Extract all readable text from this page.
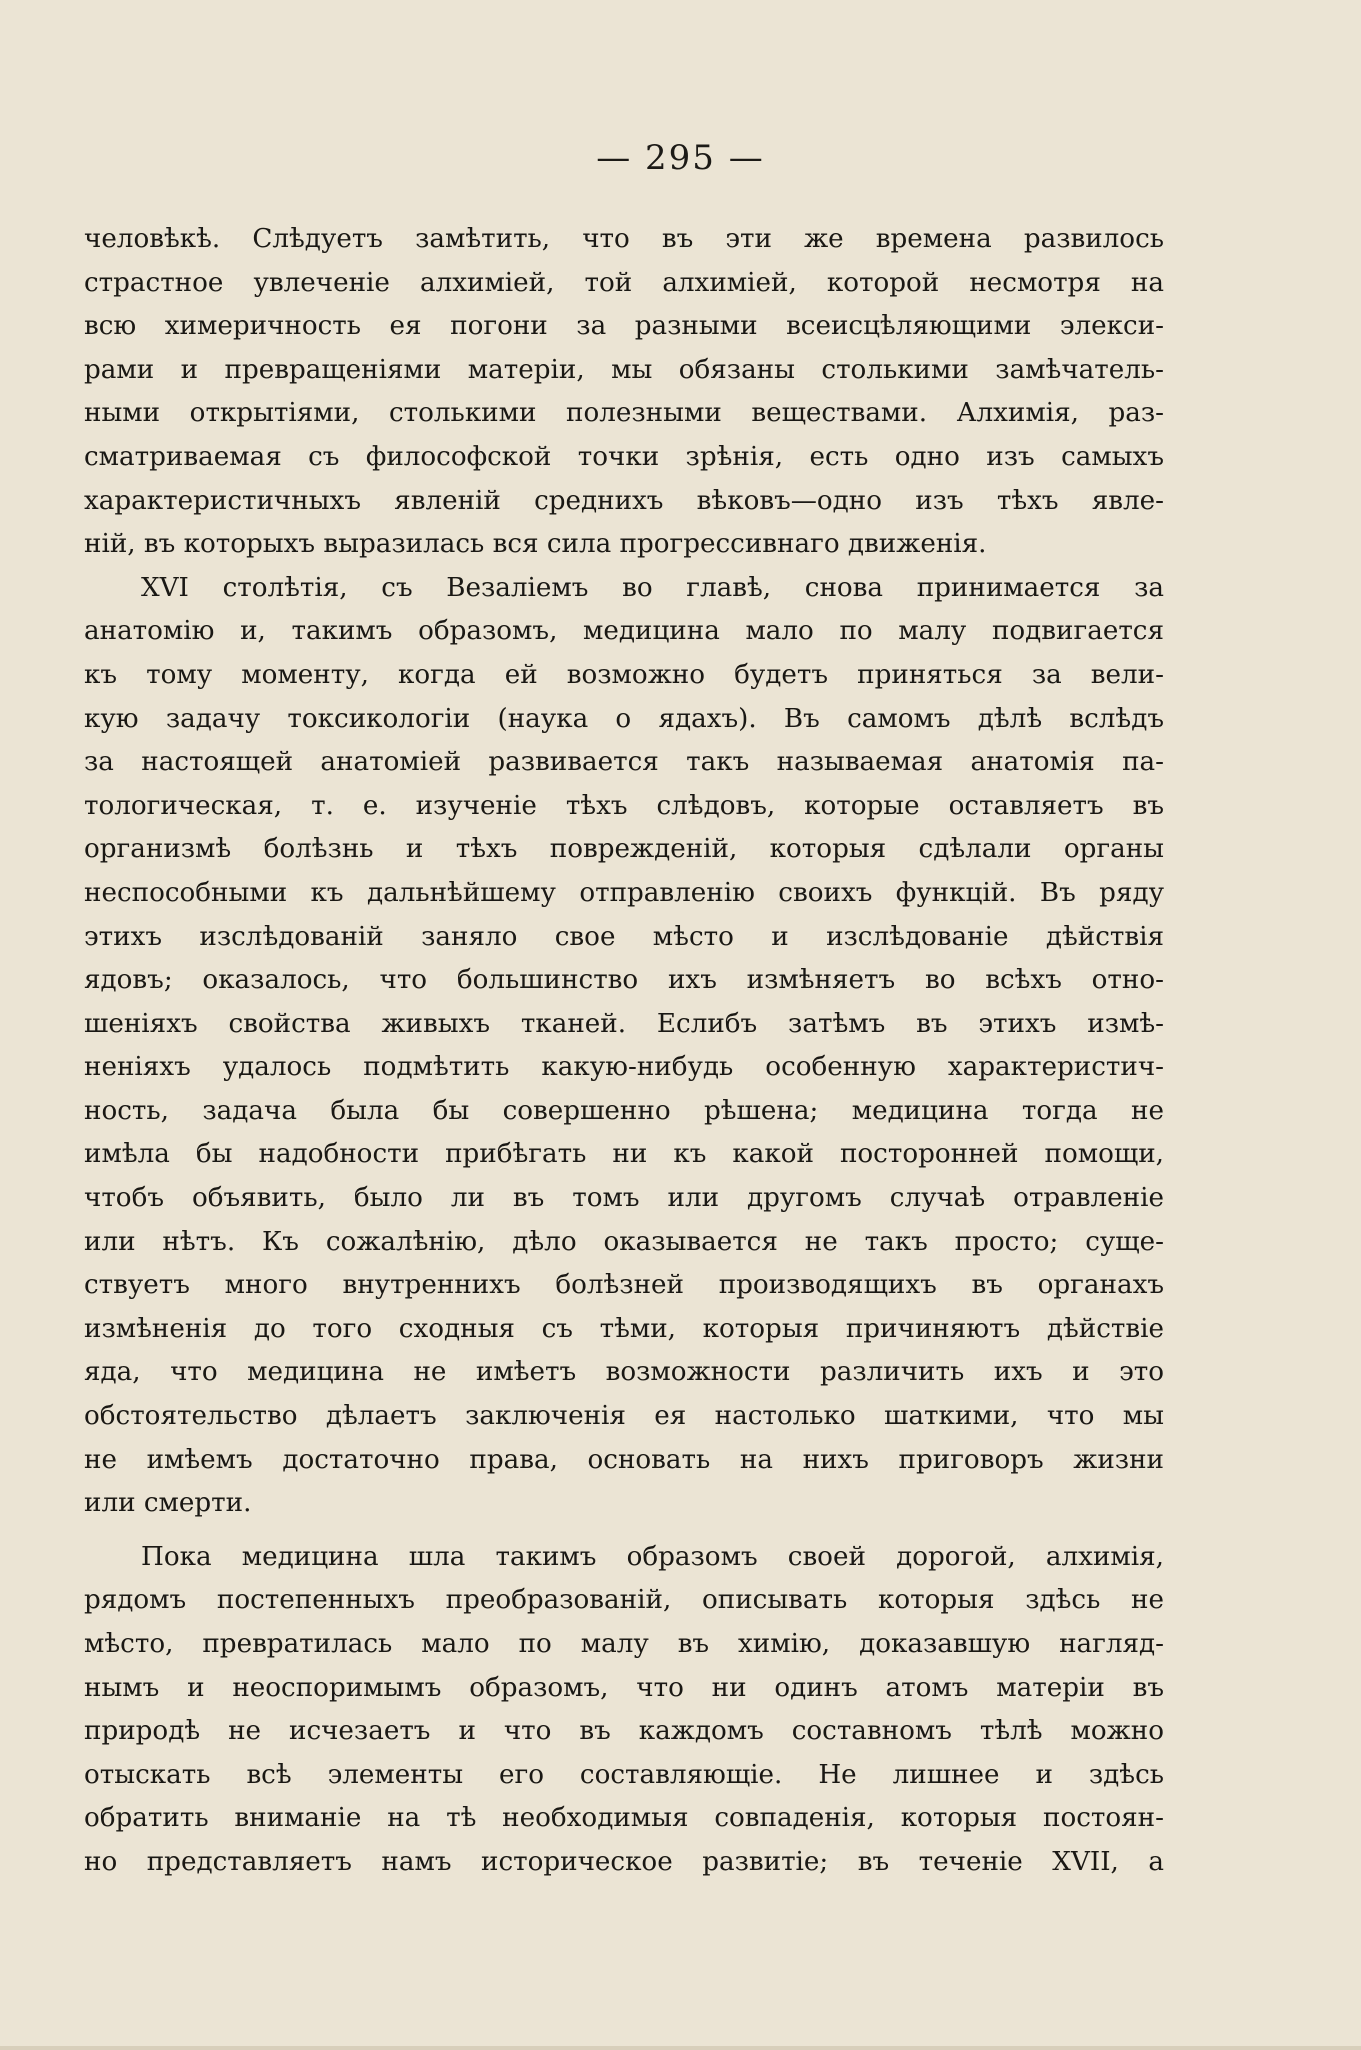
— 295 —
человѣкѣ. Слѣдуетъ замѣтить, что въ эти же времена развилось
страстное увлеченіе алхиміей, той алхиміей, которой несмотря на
всю химеричность ея погони за разными всеисцѣляющими элекси-
рами и превращеніями матеріи, мы обязаны столькими замѣчатель-
ными открытіями, столькими полезными веществами. Алхимія, раз-
сматриваемая съ философской точки зрѣнія, есть одно изъ самыхъ
характеристичныхъ явленій среднихъ вѣковъ—одно изъ тѣхъ явле-
ній, въ которыхъ выразилась вся сила прогрессивнаго движенія.
XVI столѣтія, съ Везаліемъ во главѣ, снова принимается за
анатомію и, такимъ образомъ, медицина мало по малу подвигается
къ тому моменту, когда ей возможно будетъ приняться за вели-
кую задачу токсикологіи (наука о ядахъ). Въ самомъ дѣлѣ вслѣдъ
за настоящей анатоміей развивается такъ называемая анатомія па-
тологическая, т. е. изученіе тѣхъ слѣдовъ, которые оставляетъ въ
организмѣ болѣзнь и тѣхъ поврежденій, которыя сдѣлали органы
неспособными къ дальнѣйшему отправленію своихъ функцій. Въ ряду
этихъ изслѣдованій заняло свое мѣсто и изслѣдованіе дѣйствія
ядовъ; оказалось, что большинство ихъ измѣняетъ во всѣхъ отно-
шеніяхъ свойства живыхъ тканей. Еслибъ затѣмъ въ этихъ измѣ-
неніяхъ удалось подмѣтить какую-нибудь особенную характеристич-
ность, задача была бы совершенно рѣшена; медицина тогда не
имѣла бы надобности прибѣгать ни къ какой посторонней помощи,
чтобъ объявить, было ли въ томъ или другомъ случаѣ отравленіе
или нѣтъ. Къ сожалѣнію, дѣло оказывается не такъ просто; суще-
ствуетъ много внутреннихъ болѣзней производящихъ въ органахъ
измѣненія до того сходныя съ тѣми, которыя причиняютъ дѣйствіе
яда, что медицина не имѣетъ возможности различить ихъ и это
обстоятельство дѣлаетъ заключенія ея настолько шаткими, что мы
не имѣемъ достаточно права, основать на нихъ приговоръ жизни
или смерти.
Пока медицина шла такимъ образомъ своей дорогой, алхимія,
рядомъ постепенныхъ преобразованій, описывать которыя здѣсь не
мѣсто, превратилась мало по малу въ химію, доказавшую нагляд-
нымъ и неоспоримымъ образомъ, что ни одинъ атомъ матеріи въ
природѣ не исчезаетъ и что въ каждомъ составномъ тѣлѣ можно
отыскать всѣ элементы его составляющіе. Не лишнее и здѣсь
обратить вниманіе на тѣ необходимыя совпаденія, которыя постоян-
но представляетъ намъ историческое развитіе; въ теченіе XVII, а
